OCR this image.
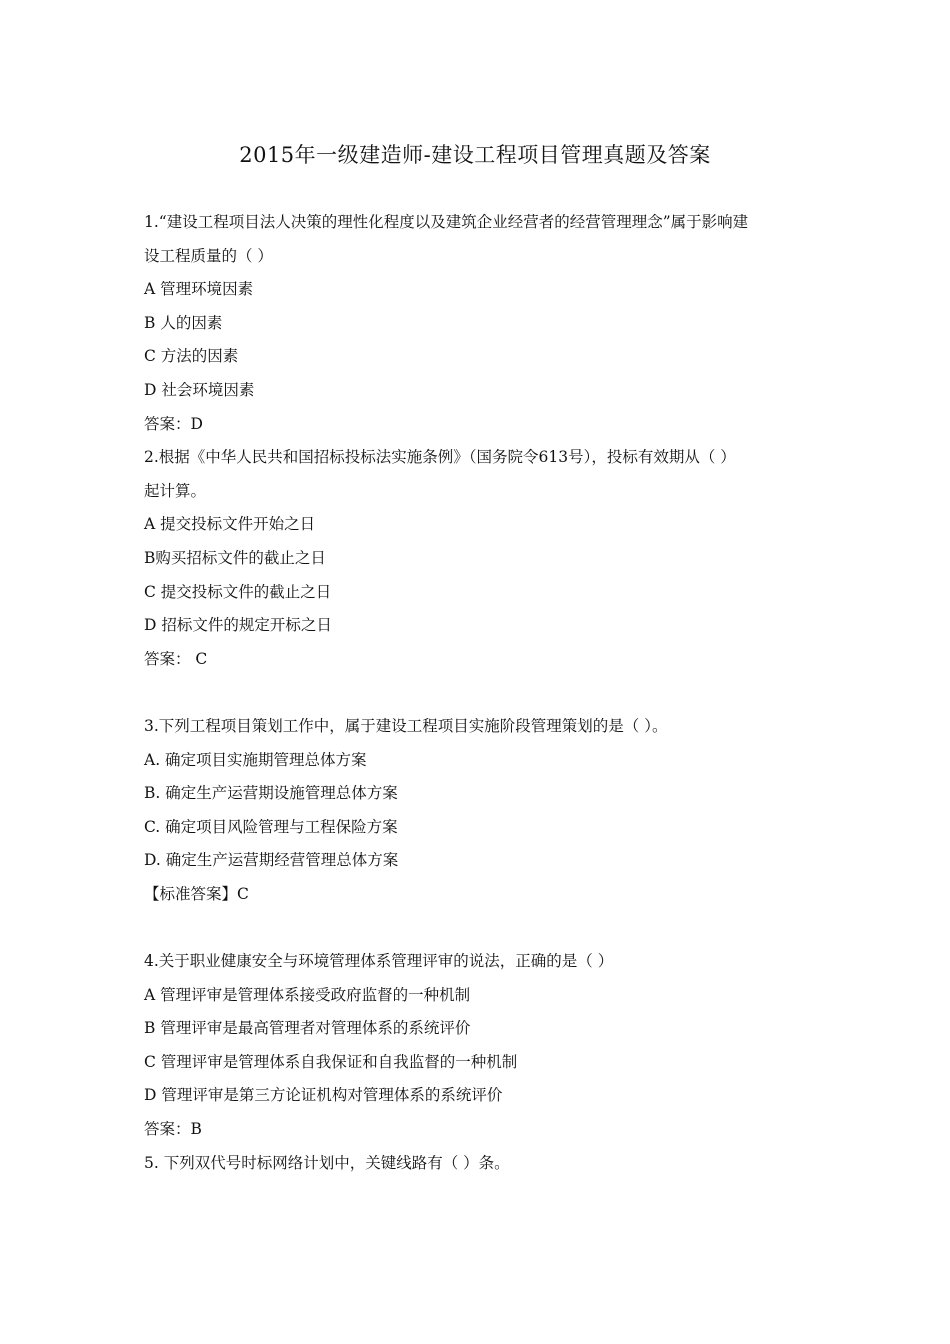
2015年一级建造师-建设工程项目管理真题及答案
1.“建设工程项目法人决策的理性化程度以及建筑企业经营者的经营管理理念”属于影响建
设工程质量的（ ）
A 管理环境因素
B 人的因素
C 方法的因素
D 社会环境因素
答案：D
2.根据《中华人民共和国招标投标法实施条例》（国务院令613号），投标有效期从（ ）
起计算。
A 提交投标文件开始之日
B购买招标文件的截止之日
C 提交投标文件的截止之日
D 招标文件的规定开标之日
答案： C
3.下列工程项目策划工作中，属于建设工程项目实施阶段管理策划的是（ ）。
A. 确定项目实施期管理总体方案
B. 确定生产运营期设施管理总体方案
C. 确定项目风险管理与工程保险方案
D. 确定生产运营期经营管理总体方案
【标准答案】C
4.关于职业健康安全与环境管理体系管理评审的说法，正确的是（ ）
A 管理评审是管理体系接受政府监督的一种机制
B 管理评审是最高管理者对管理体系的系统评价
C 管理评审是管理体系自我保证和自我监督的一种机制
D 管理评审是第三方论证机构对管理体系的系统评价
答案：B
5. 下列双代号时标网络计划中，关键线路有（ ）条。
